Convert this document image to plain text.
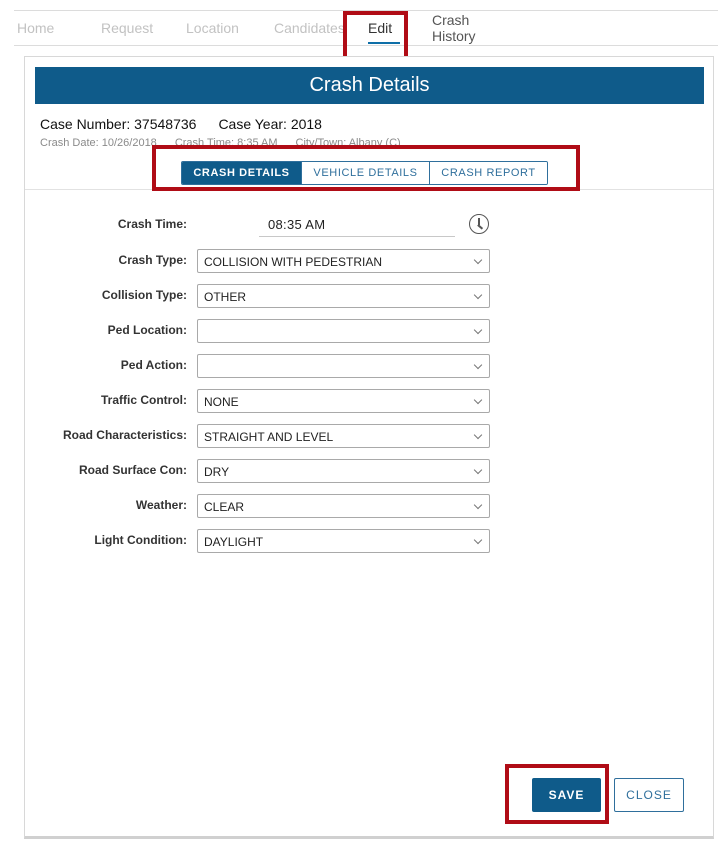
Home	Request	Location	Candidates	Edit	Crash History
Crash Details
Case Number: 37548736 Case Year: 2018
Crash Date: 10/26/2018 Crash Time: 8:35 AM City/Town: Albany (C)
CRASH DETAILS	VEHICLE DETAILS	CRASH REPORT
Crash Time:	08:35 AM
Crash Type:	COLLISION WITH PEDESTRIAN
Collision Type:	OTHER
Ped Location:
Ped Action:
Traffic Control:	NONE
Road Characteristics:	STRAIGHT AND LEVEL
Road Surface Con:	DRY
Weather:	CLEAR
Light Condition:	DAYLIGHT
SAVE	CLOSE
